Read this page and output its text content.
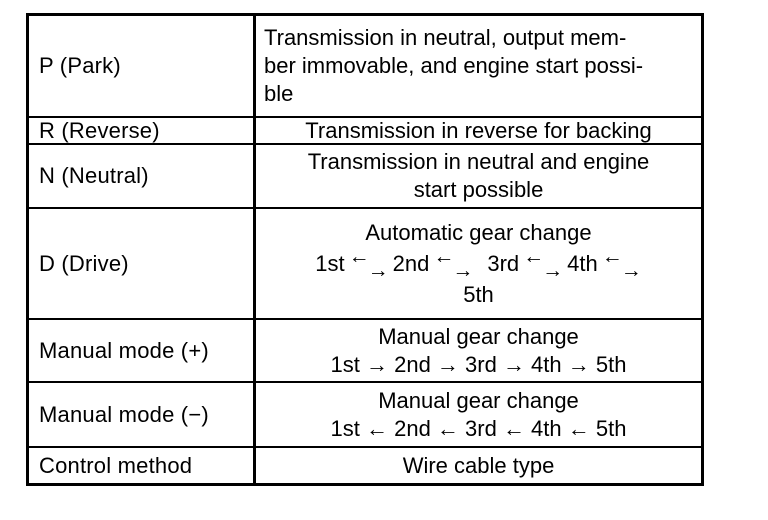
P (Park)
Transmission in neutral, output mem-
ber immovable, and engine start possi-
ble
R (Reverse)	Transmission in reverse for backing
N (Neutral)
Transmission in neutral and engine
start possible
D (Drive)
Automatic gear change
1st ←→ 2nd ←→ 3rd ←→ 4th ←→
5th
Manual mode (+)
Manual gear change
1st → 2nd → 3rd → 4th → 5th
Manual mode (−)
Manual gear change
1st ← 2nd ← 3rd ← 4th ← 5th
Control method	Wire cable type
